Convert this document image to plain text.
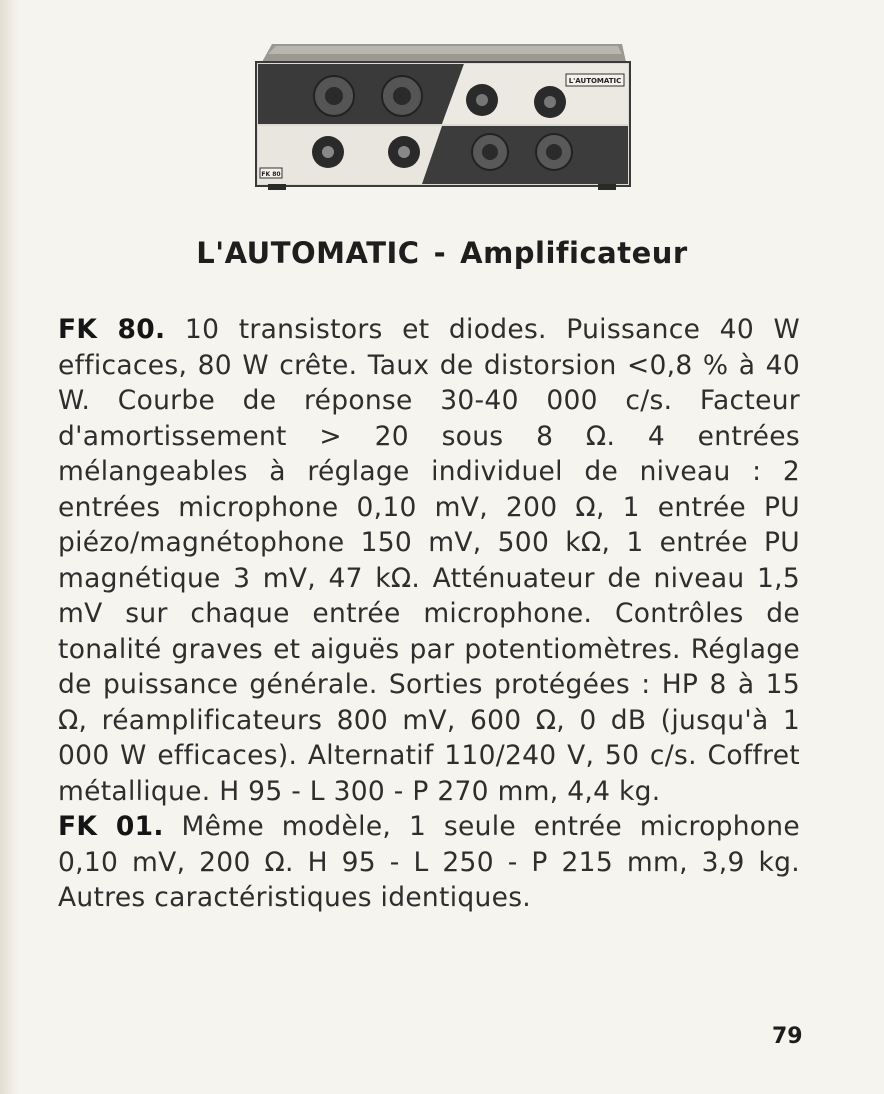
L'AUTOMATIC
FK 80
L'AUTOMATIC - Amplificateur
FK 80. 10 transistors et diodes. Puissance 40 W efficaces, 80 W crête. Taux de distorsion <0,8 % à 40 W. Courbe de réponse 30-40 000 c/s. Facteur d'amortissement > 20 sous 8 Ω. 4 entrées mélangeables à réglage individuel de niveau : 2 entrées microphone 0,10 mV, 200 Ω, 1 entrée PU piézo/magnétophone 150 mV, 500 kΩ, 1 entrée PU magnétique 3 mV, 47 kΩ. Atténuateur de niveau 1,5 mV sur chaque entrée microphone. Contrôles de tonalité graves et aiguës par potentiomètres. Réglage de puissance générale. Sorties protégées : HP 8 à 15 Ω, réamplificateurs 800 mV, 600 Ω, 0 dB (jusqu'à 1 000 W efficaces). Alternatif 110/240 V, 50 c/s. Coffret métallique. H 95 - L 300 - P 270 mm, 4,4 kg.
FK 01. Même modèle, 1 seule entrée microphone 0,10 mV, 200 Ω. H 95 - L 250 - P 215 mm, 3,9 kg. Autres caractéristiques identiques.
79
